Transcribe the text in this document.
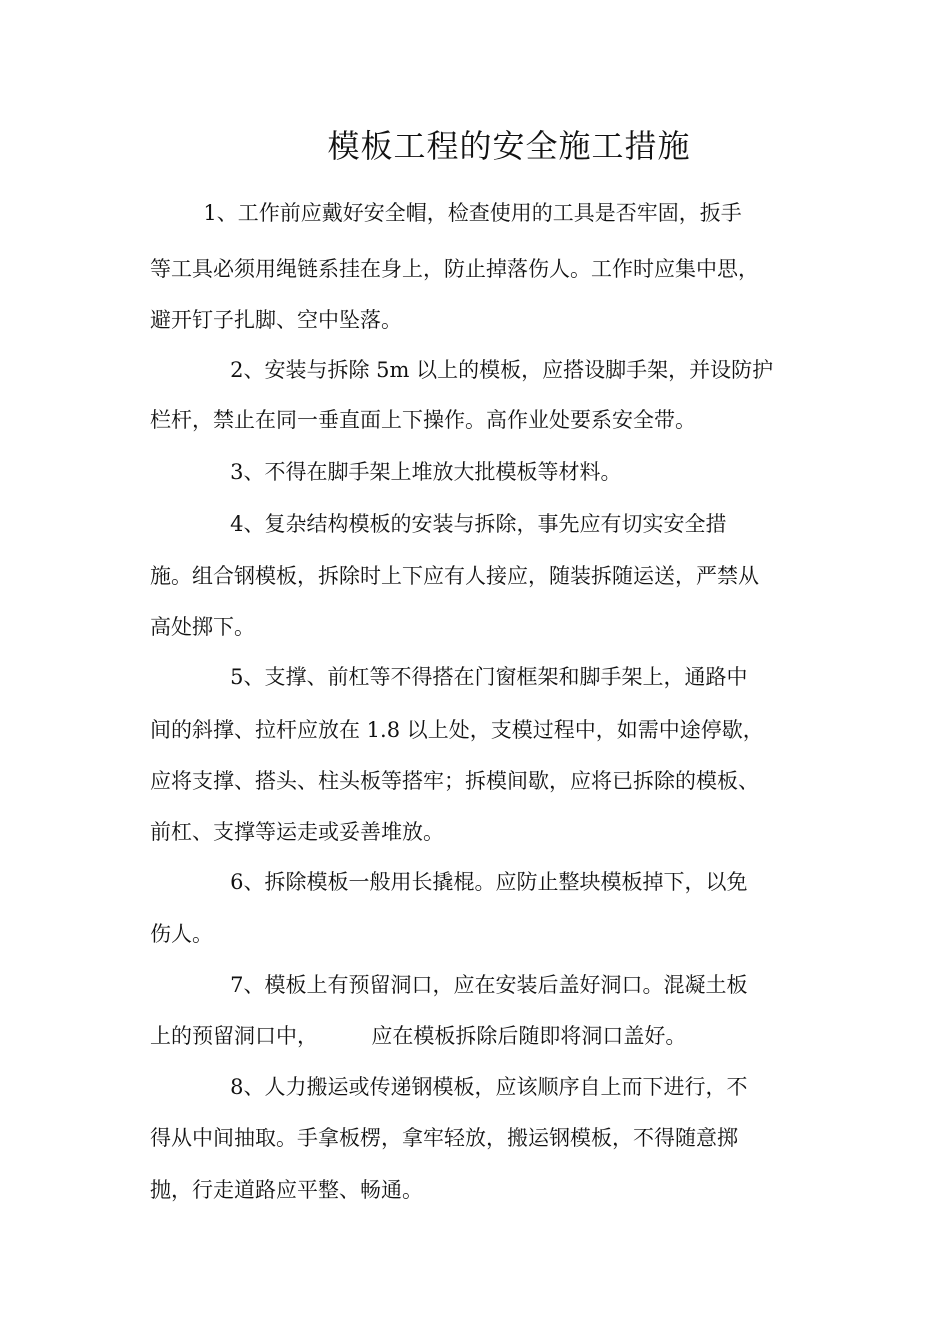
模板工程的安全施工措施

1、工作前应戴好安全帽，检查使用的工具是否牢固，扳手

等工具必须用绳链系挂在身上，防止掉落伤人。工作时应集中思，

避开钉子扎脚、空中坠落。

2、安装与拆除 5m 以上的模板，应搭设脚手架，并设防护

栏杆，禁止在同一垂直面上下操作。高作业处要系安全带。

3、不得在脚手架上堆放大批模板等材料。

4、复杂结构模板的安装与拆除，事先应有切实安全措

施。组合钢模板，拆除时上下应有人接应，随装拆随运送，严禁从

高处掷下。

5、支撑、前杠等不得搭在门窗框架和脚手架上，通路中

间的斜撑、拉杆应放在 1.8 以上处，支模过程中，如需中途停歇，

应将支撑、搭头、柱头板等搭牢；拆模间歇，应将已拆除的模板、

前杠、支撑等运走或妥善堆放。

6、拆除模板一般用长撬棍。应防止整块模板掉下，以免

伤人。

7、模板上有预留洞口，应在安装后盖好洞口。混凝土板

上的预留洞口中，        应在模板拆除后随即将洞口盖好。

8、人力搬运或传递钢模板，应该顺序自上而下进行，不

得从中间抽取。手拿板楞，拿牢轻放，搬运钢模板，不得随意掷

抛，行走道路应平整、畅通。
